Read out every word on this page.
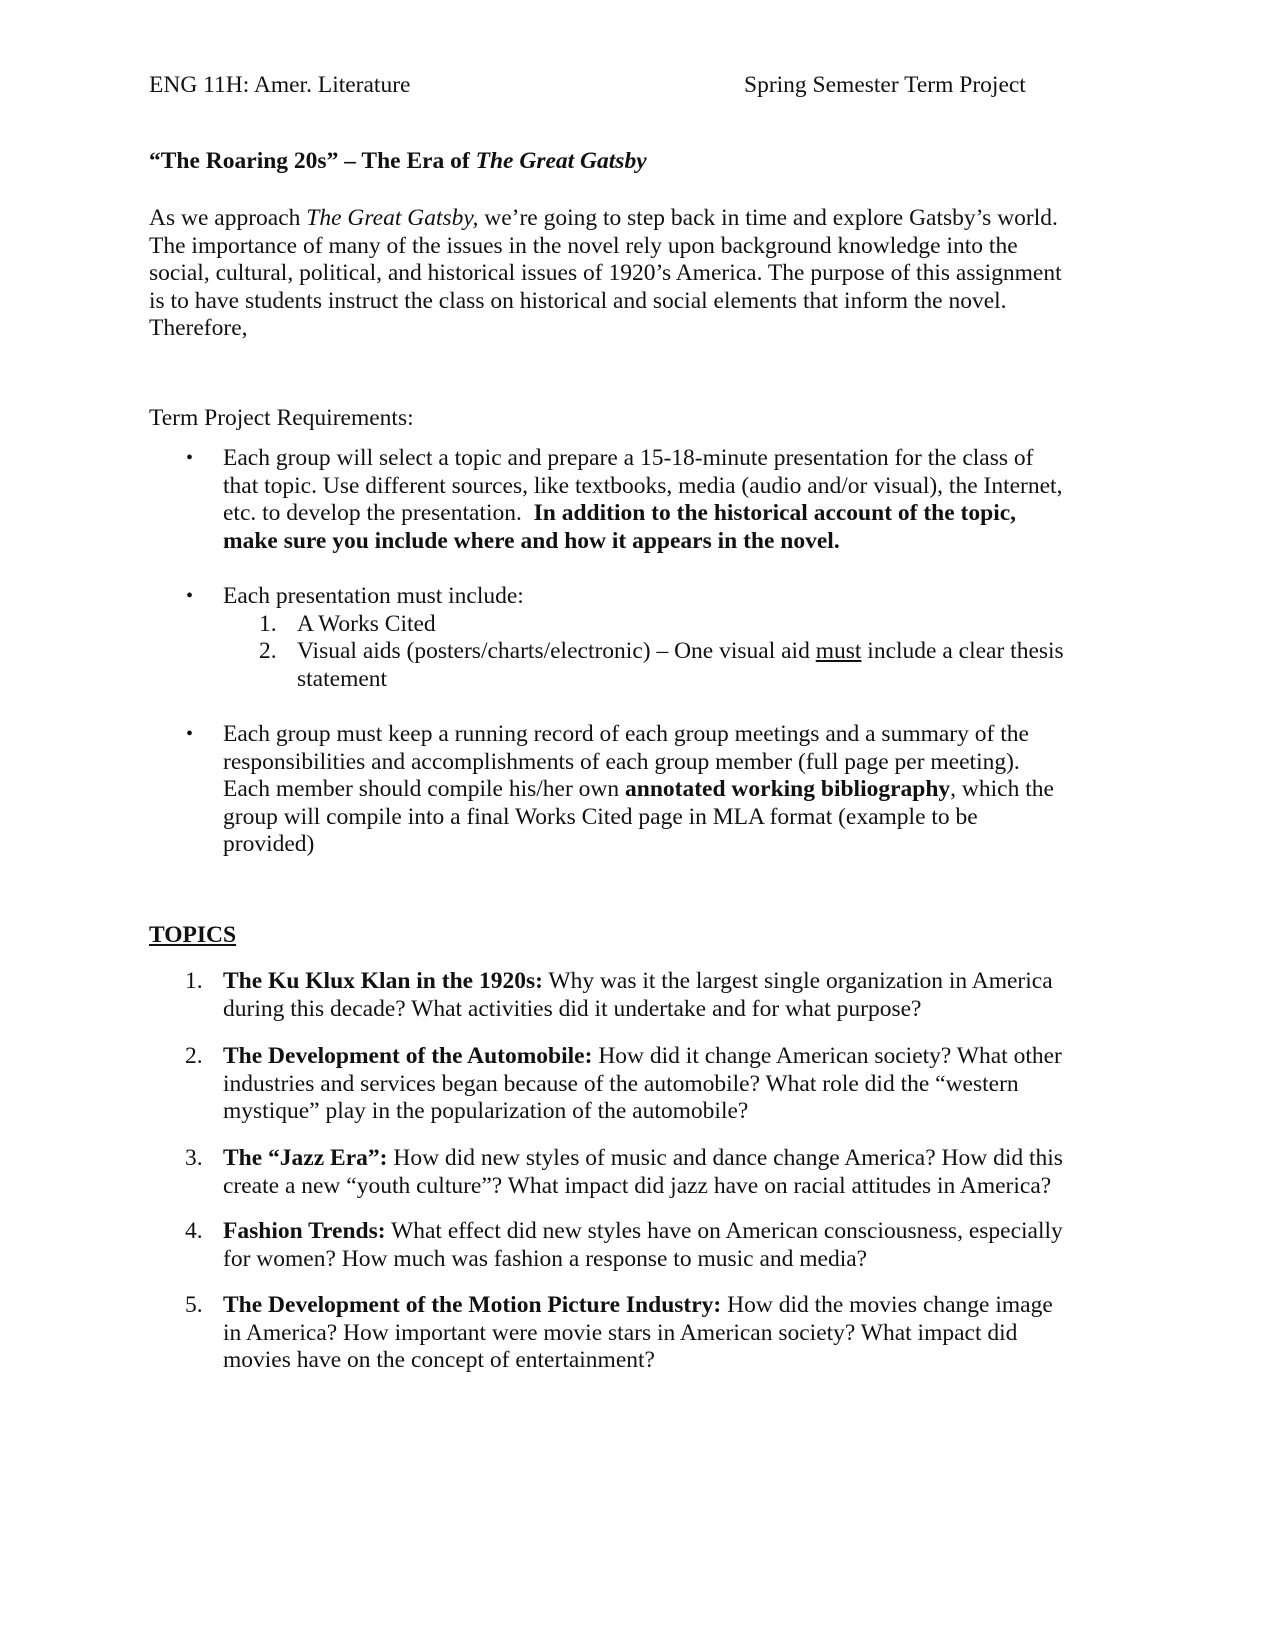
ENG 11H: Amer. Literature	Spring Semester Term Project
“The Roaring 20s” – The Era of The Great Gatsby
As we approach The Great Gatsby, we’re going to step back in time and explore Gatsby’s world.
The importance of many of the issues in the novel rely upon background knowledge into the
social, cultural, political, and historical issues of 1920’s America. The purpose of this assignment
is to have students instruct the class on historical and social elements that inform the novel.
Therefore,
Term Project Requirements:
• Each group will select a topic and prepare a 15-18-minute presentation for the class of
that topic. Use different sources, like textbooks, media (audio and/or visual), the Internet,
etc. to develop the presentation.  In addition to the historical account of the topic,
make sure you include where and how it appears in the novel.
• Each presentation must include:
1. A Works Cited
2. Visual aids (posters/charts/electronic) – One visual aid must include a clear thesis
statement
• Each group must keep a running record of each group meetings and a summary of the
responsibilities and accomplishments of each group member (full page per meeting).
Each member should compile his/her own annotated working bibliography, which the
group will compile into a final Works Cited page in MLA format (example to be
provided)
TOPICS
1. The Ku Klux Klan in the 1920s: Why was it the largest single organization in America
during this decade? What activities did it undertake and for what purpose?
2. The Development of the Automobile: How did it change American society? What other
industries and services began because of the automobile? What role did the “western
mystique” play in the popularization of the automobile?
3. The “Jazz Era”: How did new styles of music and dance change America? How did this
create a new “youth culture”? What impact did jazz have on racial attitudes in America?
4. Fashion Trends: What effect did new styles have on American consciousness, especially
for women? How much was fashion a response to music and media?
5. The Development of the Motion Picture Industry: How did the movies change image
in America? How important were movie stars in American society? What impact did
movies have on the concept of entertainment?
